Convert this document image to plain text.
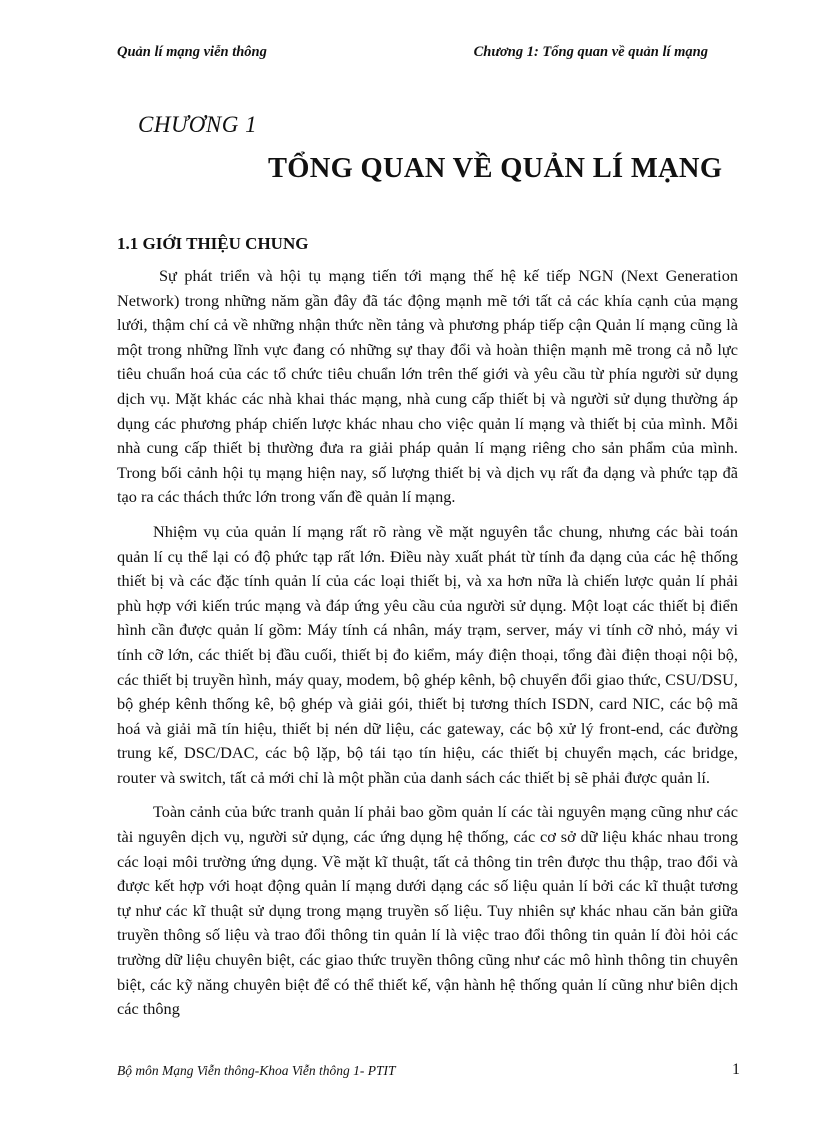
Quản lí mạng viễn thông	Chương 1: Tổng quan về quản lí mạng
CHƯƠNG 1
TỔNG QUAN VỀ QUẢN LÍ MẠNG
1.1 GIỚI THIỆU CHUNG

Sự phát triển và hội tụ mạng tiến tới mạng thế hệ kế tiếp NGN (Next Generation Network) trong những năm gần đây đã tác động mạnh mẽ tới tất cả các khía cạnh của mạng lưới, thậm chí cả về những nhận thức nền tảng và phương pháp tiếp cận Quản lí mạng cũng là một trong những lĩnh vực đang có những sự thay đổi và hoàn thiện mạnh mẽ trong cả nỗ lực tiêu chuẩn hoá của các tổ chức tiêu chuẩn lớn trên thế giới và yêu cầu từ phía người sử dụng dịch vụ. Mặt khác các nhà khai thác mạng, nhà cung cấp thiết bị và người sử dụng thường áp dụng các phương pháp chiến lược khác nhau cho việc quản lí mạng và thiết bị của mình. Mỗi nhà cung cấp thiết bị thường đưa ra giải pháp quản lí mạng riêng cho sản phẩm của mình. Trong bối cảnh hội tụ mạng hiện nay, số lượng thiết bị và dịch vụ rất đa dạng và phức tạp đã tạo ra các thách thức lớn trong vấn đề quản lí mạng.

Nhiệm vụ của quản lí mạng rất rõ ràng về mặt nguyên tắc chung, nhưng các bài toán quản lí cụ thể lại có độ phức tạp rất lớn. Điều này xuất phát từ tính đa dạng của các hệ thống thiết bị và các đặc tính quản lí của các loại thiết bị, và xa hơn nữa là chiến lược quản lí phải phù hợp với kiến trúc mạng và đáp ứng yêu cầu của người sử dụng. Một loạt các thiết bị điển hình cần được quản lí gồm: Máy tính cá nhân, máy trạm, server, máy vi tính cỡ nhỏ, máy vi tính cỡ lớn, các thiết bị đầu cuối, thiết bị đo kiểm, máy điện thoại, tổng đài điện thoại nội bộ, các thiết bị truyền hình, máy quay, modem, bộ ghép kênh, bộ chuyển đổi giao thức, CSU/DSU, bộ ghép kênh thống kê, bộ ghép và giải gói, thiết bị tương thích ISDN, card NIC, các bộ mã hoá và giải mã tín hiệu, thiết bị nén dữ liệu, các gateway, các bộ xử lý front-end, các đường trung kế, DSC/DAC, các bộ lặp, bộ tái tạo tín hiệu, các thiết bị chuyển mạch, các bridge, router và switch, tất cả mới chỉ là một phần của danh sách các thiết bị sẽ phải được quản lí.

Toàn cảnh của bức tranh quản lí phải bao gồm quản lí các tài nguyên mạng cũng như các tài nguyên dịch vụ, người sử dụng, các ứng dụng hệ thống, các cơ sở dữ liệu khác nhau trong các loại môi trường ứng dụng. Về mặt kĩ thuật, tất cả thông tin trên được thu thập, trao đổi và được kết hợp với hoạt động quản lí mạng dưới dạng các số liệu quản lí bởi các kĩ thuật tương tự như các kĩ thuật sử dụng trong mạng truyền số liệu. Tuy nhiên sự khác nhau căn bản giữa truyền thông số liệu và trao đổi thông tin quản lí là việc trao đổi thông tin quản lí đòi hỏi các trường dữ liệu chuyên biệt, các giao thức truyền thông cũng như các mô hình thông tin chuyên biệt, các kỹ năng chuyên biệt để có thể thiết kế, vận hành hệ thống quản lí cũng như biên dịch các thông

Bộ môn Mạng Viễn thông-Khoa Viễn thông 1- PTIT	1
